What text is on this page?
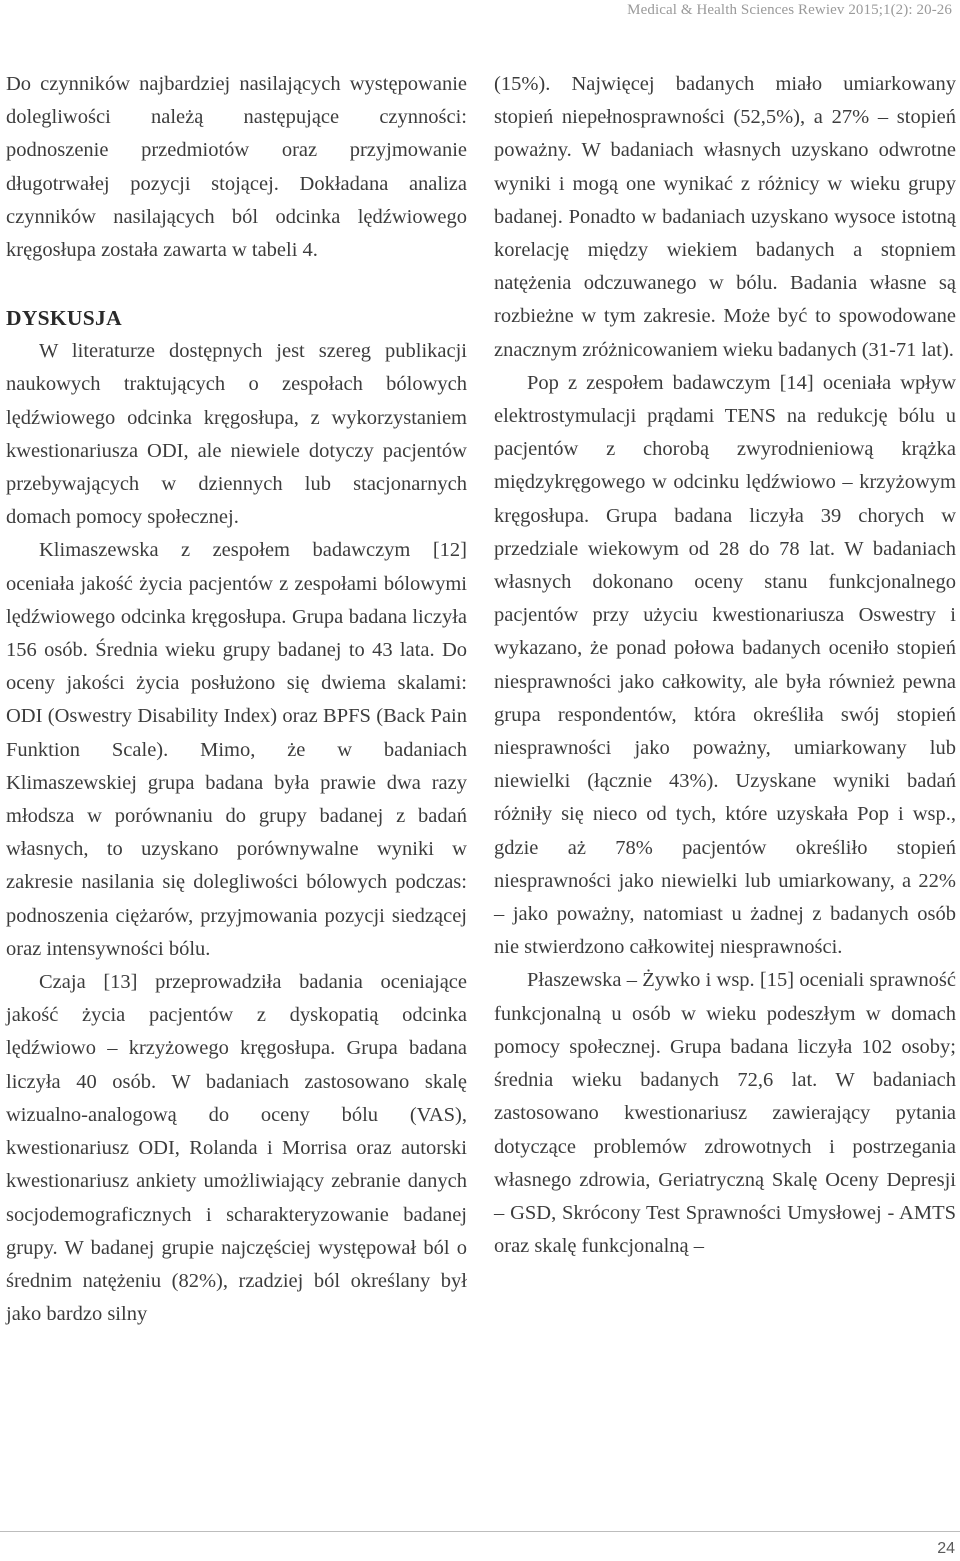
Medical & Health Sciences Rewiev 2015;1(2): 20-26

Do czynników najbardziej nasilających występowanie dolegliwości należą następujące czynności: podnoszenie przedmiotów oraz przyjmowanie długotrwałej pozycji stojącej. Dokładana analiza czynników nasilających ból odcinka lędźwiowego kręgosłupa została zawarta w tabeli 4.

DYSKUSJA

W literaturze dostępnych jest szereg publikacji naukowych traktujących o zespołach bólowych lędźwiowego odcinka kręgosłupa, z wykorzystaniem kwestionariusza ODI, ale niewiele dotyczy pacjentów przebywających w dziennych lub stacjonarnych domach pomocy społecznej.

Klimaszewska z zespołem badawczym [12] oceniała jakość życia pacjentów z zespołami bólowymi lędźwiowego odcinka kręgosłupa. Grupa badana liczyła 156 osób. Średnia wieku grupy badanej to 43 lata. Do oceny jakości życia posłużono się dwiema skalami: ODI (Oswestry Disability Index) oraz BPFS (Back Pain Funktion Scale). Mimo, że w badaniach Klimaszewskiej grupa badana była prawie dwa razy młodsza w porównaniu do grupy badanej z badań własnych, to uzyskano porównywalne wyniki w zakresie nasilania się dolegliwości bólowych podczas: podnoszenia ciężarów, przyjmowania pozycji siedzącej oraz intensywności bólu.

Czaja [13] przeprowadziła badania oceniające jakość życia pacjentów z dyskopatią odcinka lędźwiowo – krzyżowego kręgosłupa. Grupa badana liczyła 40 osób. W badaniach zastosowano skalę wizualno-analogową do oceny bólu (VAS), kwestionariusz ODI, Rolanda i Morrisa oraz autorski kwestionariusz ankiety umożliwiający zebranie danych socjodemograficznych i scharakteryzowanie badanej grupy. W badanej grupie najczęściej występował ból o średnim natężeniu (82%), rzadziej ból określany był jako bardzo silny

(15%). Najwięcej badanych miało umiarkowany stopień niepełnosprawności (52,5%), a 27% – stopień poważny. W badaniach własnych uzyskano odwrotne wyniki i mogą one wynikać z różnicy w wieku grupy badanej. Ponadto w badaniach uzyskano wysoce istotną korelację między wiekiem badanych a stopniem natężenia odczuwanego w bólu. Badania własne są rozbieżne w tym zakresie. Może być to spowodowane znacznym zróżnicowaniem wieku badanych (31-71 lat).

Pop z zespołem badawczym [14] oceniała wpływ elektrostymulacji prądami TENS na redukcję bólu u pacjentów z chorobą zwyrodnieniową krążka międzykręgowego w odcinku lędźwiowo – krzyżowym kręgosłupa. Grupa badana liczyła 39 chorych w przedziale wiekowym od 28 do 78 lat. W badaniach własnych dokonano oceny stanu funkcjonalnego pacjentów przy użyciu kwestionariusza Oswestry i wykazano, że ponad połowa badanych oceniło stopień niesprawności jako całkowity, ale była również pewna grupa respondentów, która określiła swój stopień niesprawności jako poważny, umiarkowany lub niewielki (łącznie 43%). Uzyskane wyniki badań różniły się nieco od tych, które uzyskała Pop i wsp., gdzie aż 78% pacjentów określiło stopień niesprawności jako niewielki lub umiarkowany, a 22% – jako poważny, natomiast u żadnej z badanych osób nie stwierdzono całkowitej niesprawności.

Płaszewska – Żywko i wsp. [15] oceniali sprawność funkcjonalną u osób w wieku podeszłym w domach pomocy społecznej. Grupa badana liczyła 102 osoby; średnia wieku badanych 72,6 lat. W badaniach zastosowano kwestionariusz zawierający pytania dotyczące problemów zdrowotnych i postrzegania własnego zdrowia, Geriatryczną Skalę Oceny Depresji – GSD, Skrócony Test Sprawności Umysłowej - AMTS oraz skalę funkcjonalną –

24
